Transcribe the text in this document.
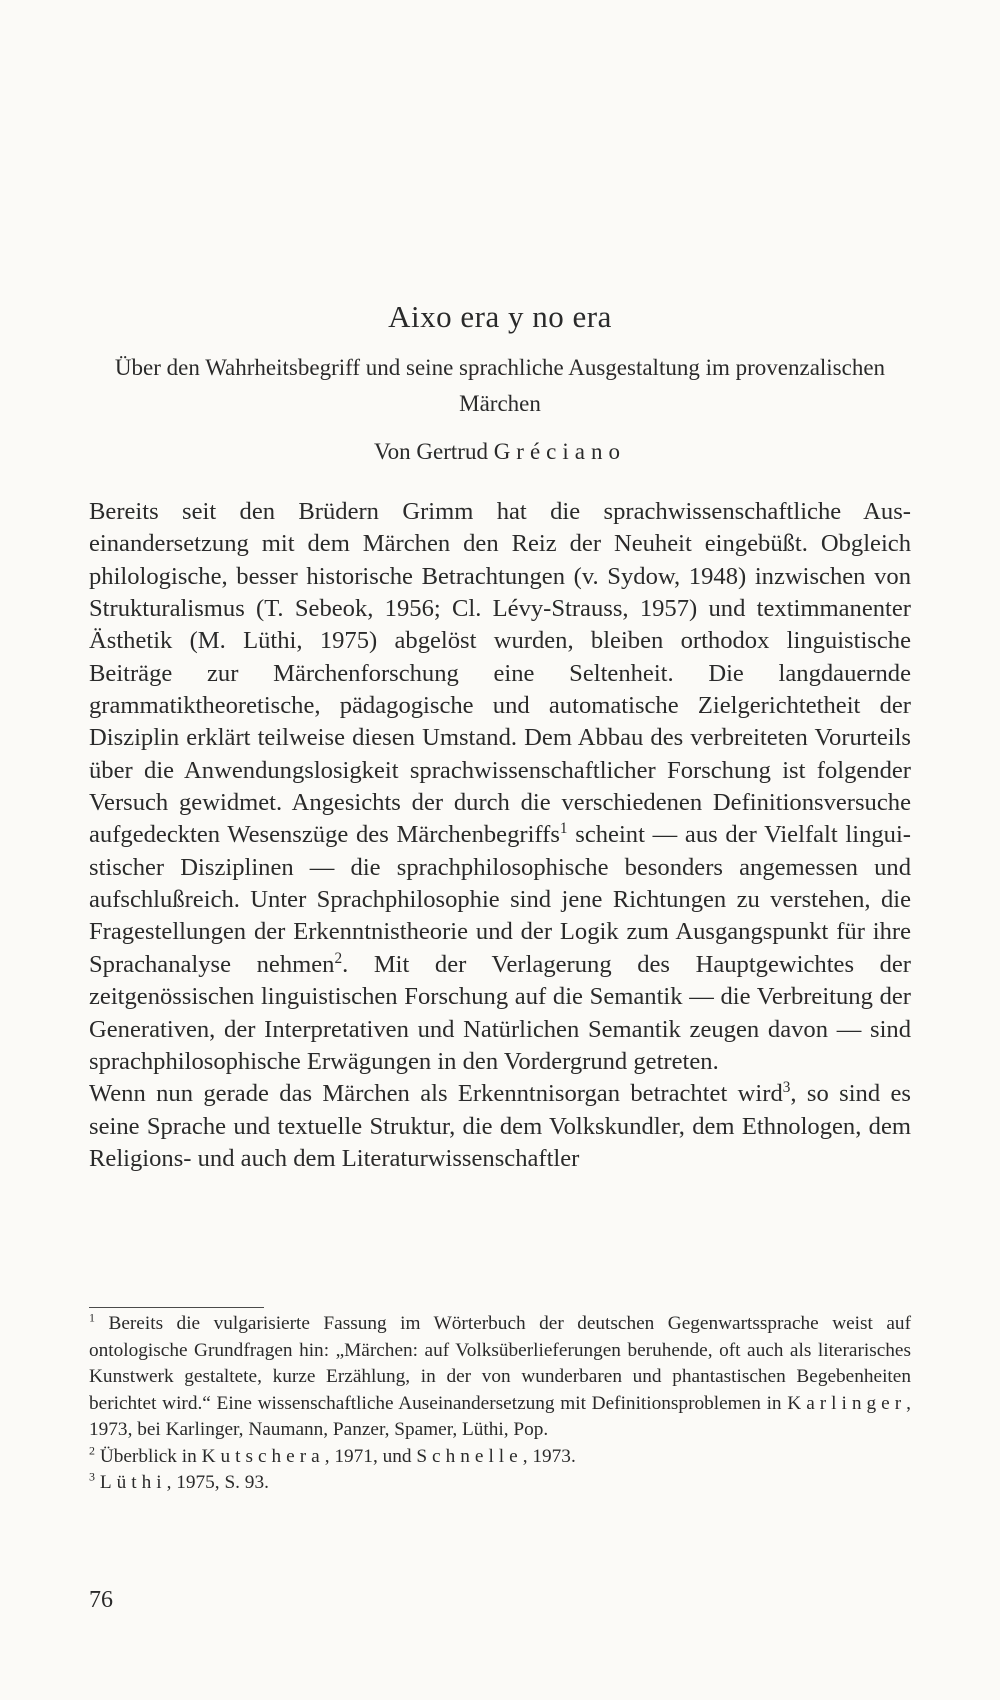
Aixo era y no era
Über den Wahrheitsbegriff und seine sprachliche Ausgestaltung im provenzalischen Märchen
Von Gertrud Gréciano

Bereits seit den Brüdern Grimm hat die sprachwissenschaftliche Auseinandersetzung mit dem Märchen den Reiz der Neuheit eingebüßt. Obgleich philologische, besser historische Betrachtungen (v. Sydow, 1948) inzwischen von Strukturalismus (T. Sebeok, 1956; Cl. Lévy-Strauss, 1957) und textimmanenter Ästhetik (M. Lüthi, 1975) abgelöst wurden, bleiben orthodox linguistische Beiträge zur Märchenforschung eine Seltenheit. Die langdauernde grammatiktheoretische, pädagogische und automatische Zielgerichtetheit der Disziplin erklärt teilweise diesen Umstand. Dem Abbau des verbreiteten Vorurteils über die Anwendungslosigkeit sprachwissenschaftlicher Forschung ist folgender Versuch gewidmet. Angesichts der durch die verschiedenen Definitionsversuche aufgedeckten Wesenszüge des Märchenbegriffs$^1$ scheint — aus der Vielfalt linguistischer Disziplinen — die sprachphilosophische besonders angemessen und aufschlußreich. Unter Sprachphilosophie sind jene Richtungen zu verstehen, die Fragestellungen der Erkenntnistheorie und der Logik zum Ausgangspunkt für ihre Sprachanalyse nehmen$^2$. Mit der Verlagerung des Hauptgewichtes der zeitgenössischen linguistischen Forschung auf die Semantik — die Verbreitung der Generativen, der Interpretativen und Natürlichen Semantik zeugen davon — sind sprachphilosophische Erwägungen in den Vordergrund getreten.

Wenn nun gerade das Märchen als Erkenntnisorgan betrachtet wird$^3$, so sind es seine Sprache und textuelle Struktur, die dem Volkskundler, dem Ethnologen, dem Religions- und auch dem Literaturwissenschaftler

$^1$ Bereits die vulgarisierte Fassung im Wörterbuch der deutschen Gegenwartssprache weist auf ontologische Grundfragen hin: „Märchen: auf Volksüberlieferungen beruhende, oft auch als literarisches Kunstwerk gestaltete, kurze Erzählung, in der von wunderbaren und phantastischen Begebenheiten berichtet wird.“ Eine wissenschaftliche Auseinandersetzung mit Definitionsproblemen in Karlinger, 1973, bei Karlinger, Naumann, Panzer, Spamer, Lüthi, Pop.

$^2$ Überblick in Kutschera, 1971, und Schnelle, 1973.

$^3$ Lüthi, 1975, S. 93.

76
